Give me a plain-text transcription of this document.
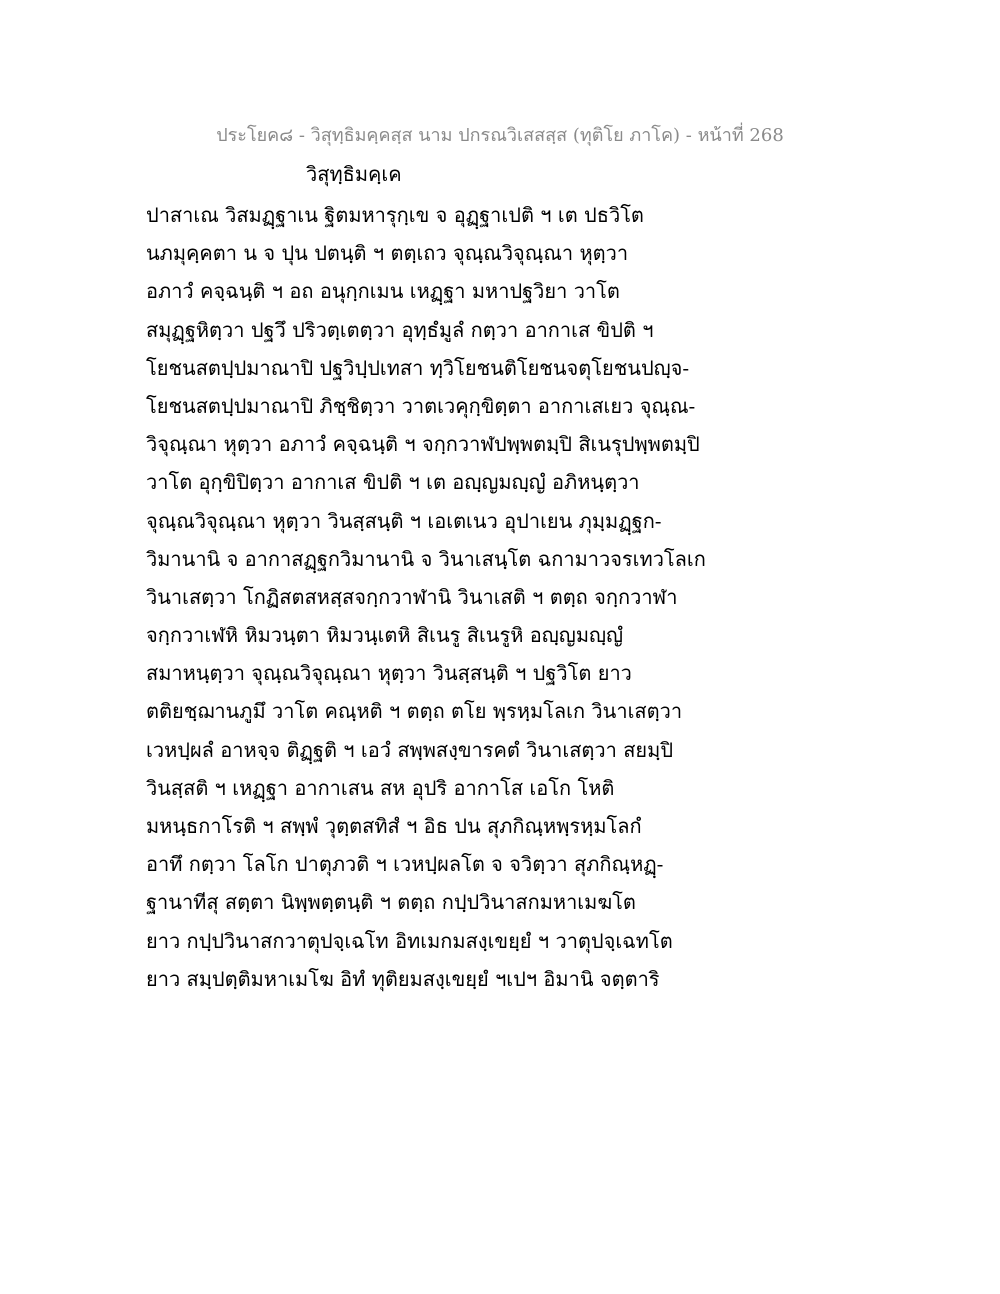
ประโยค๘ - วิสุทฺธิมคฺคสฺส นาม ปกรณวิเสสสฺส (ทุติโย ภาโค) - หน้าที่ 268
วิสุทฺธิมคฺเค
ปาสาเณ วิสมฏฺฐาเน ฐิตมหารุกฺเข จ อุฏฺฐาเปติ ฯ เต ปธวิโต
นภมุคฺคตา น จ ปุน ปตนฺติ ฯ ตตฺเถว จุณฺณวิจุณฺณา หุตฺวา
อภาวํ คจฺฉนฺติ ฯ อถ อนุกฺกเมน เหฏฺฐา มหาปฐวิยา วาโต
สมุฏฺฐหิตฺวา ปฐวึ ปริวตฺเตตฺวา อุทฺธํมูลํ กตฺวา อากาเส ขิปติ ฯ
โยชนสตปฺปมาณาปิ ปฐวิปฺปเทสา ทฺวิโยชนติโยชนจตุโยชนปญฺจ-
โยชนสตปฺปมาณาปิ ภิชฺชิตฺวา วาตเวคุกฺขิตฺตา อากาเสเยว จุณฺณ-
วิจุณฺณา หุตฺวา อภาวํ คจฺฉนฺติ ฯ จกฺกวาฬปพฺพตมฺปิ สิเนรุปพฺพตมฺปิ
วาโต อุกฺขิปิตฺวา อากาเส ขิปติ ฯ เต อญฺญมญฺญํ อภิหนฺตฺวา
จุณฺณวิจุณฺณา หุตฺวา วินสฺสนฺติ ฯ เอเตเนว อุปาเยน ภุมฺมฏฺฐก-
วิมานานิ จ อากาสฏฺฐกวิมานานิ จ วินาเสนฺโต ฉกามาวจรเทวโลเก
วินาเสตฺวา โกฏิสตสหสฺสจกฺกวาฬานิ วินาเสติ ฯ ตตฺถ จกฺกวาฬา
จกฺกวาเฬหิ หิมวนฺตา หิมวนฺเตหิ สิเนรู สิเนรูหิ อญฺญมญฺญํ
สมาหนฺตฺวา จุณฺณวิจุณฺณา หุตฺวา วินสฺสนฺติ ฯ ปฐวิโต ยาว
ตติยชฺฌานภูมึ วาโต คณฺหติ ฯ ตตฺถ ตโย พฺรหฺมโลเก วินาเสตฺวา
เวหปฺผลํ อาหจฺจ ติฏฺฐติ ฯ เอวํ สพฺพสงฺขารคตํ วินาเสตฺวา สยมฺปิ
วินสฺสติ ฯ เหฏฺฐา อากาเสน สห อุปริ อากาโส เอโก โหติ
มหนฺธกาโรติ ฯ สพฺพํ วุตฺตสทิสํ ฯ อิธ ปน สุภกิณฺหพฺรหฺมโลกํ
อาทึ กตฺวา โลโก ปาตุภวติ ฯ เวหปฺผลโต จ จวิตฺวา สุภกิณฺหฏฺ-
ฐานาทีสุ สตฺตา นิพฺพตฺตนฺติ ฯ ตตฺถ กปฺปวินาสกมหาเมฆโต
ยาว กปฺปวินาสกวาตุปจฺเฉโท อิทเมกมสงฺเขยฺยํ ฯ วาตุปจฺเฉทโต
ยาว สมฺปตฺติมหาเมโฆ อิทํ ทุติยมสงฺเขยฺยํ ฯเปฯ อิมานิ จตฺตาริ
